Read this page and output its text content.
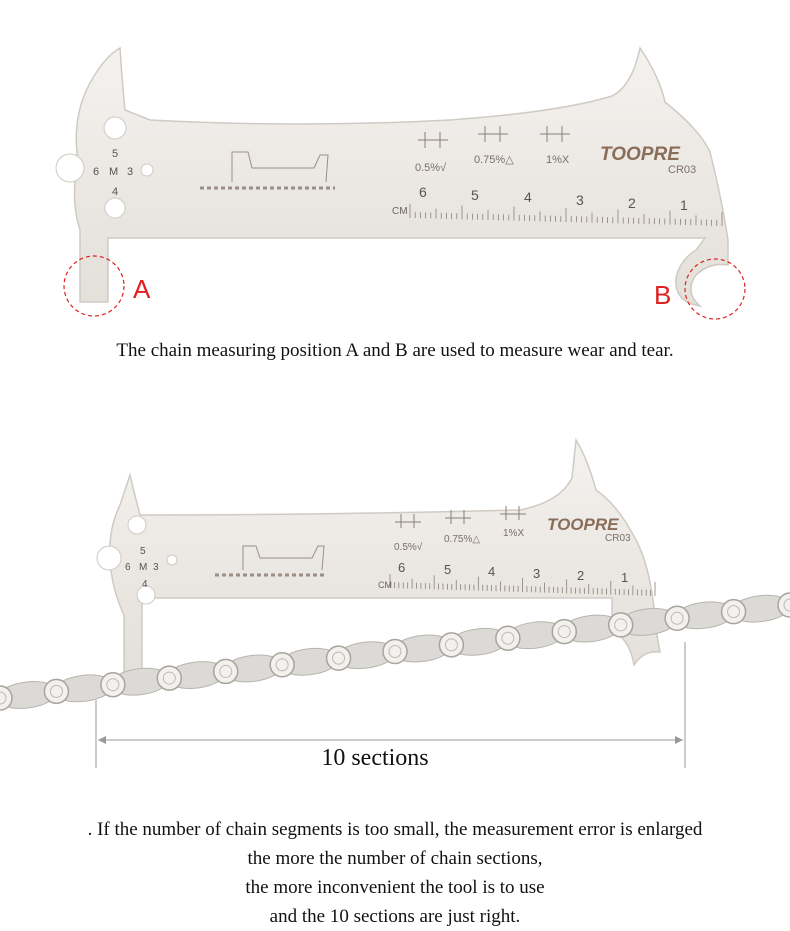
5
6 M 3
4
0.5%√
0.75%△	1%X TOOPRE
CR03
CM
6	5	4	3	2	1
A	B
The chain measuring position A and B are used to measure wear and tear.
5
6 M 3
4
0.5%√
0.75%△
1%X TOOPRE
CR03
CM
6	5	4	3	2	1
10 sections
. If the number of chain segments is too small, the measurement error is enlarged
the more the number of chain sections,
the more inconvenient the tool is to use
and the 10 sections are just right.
